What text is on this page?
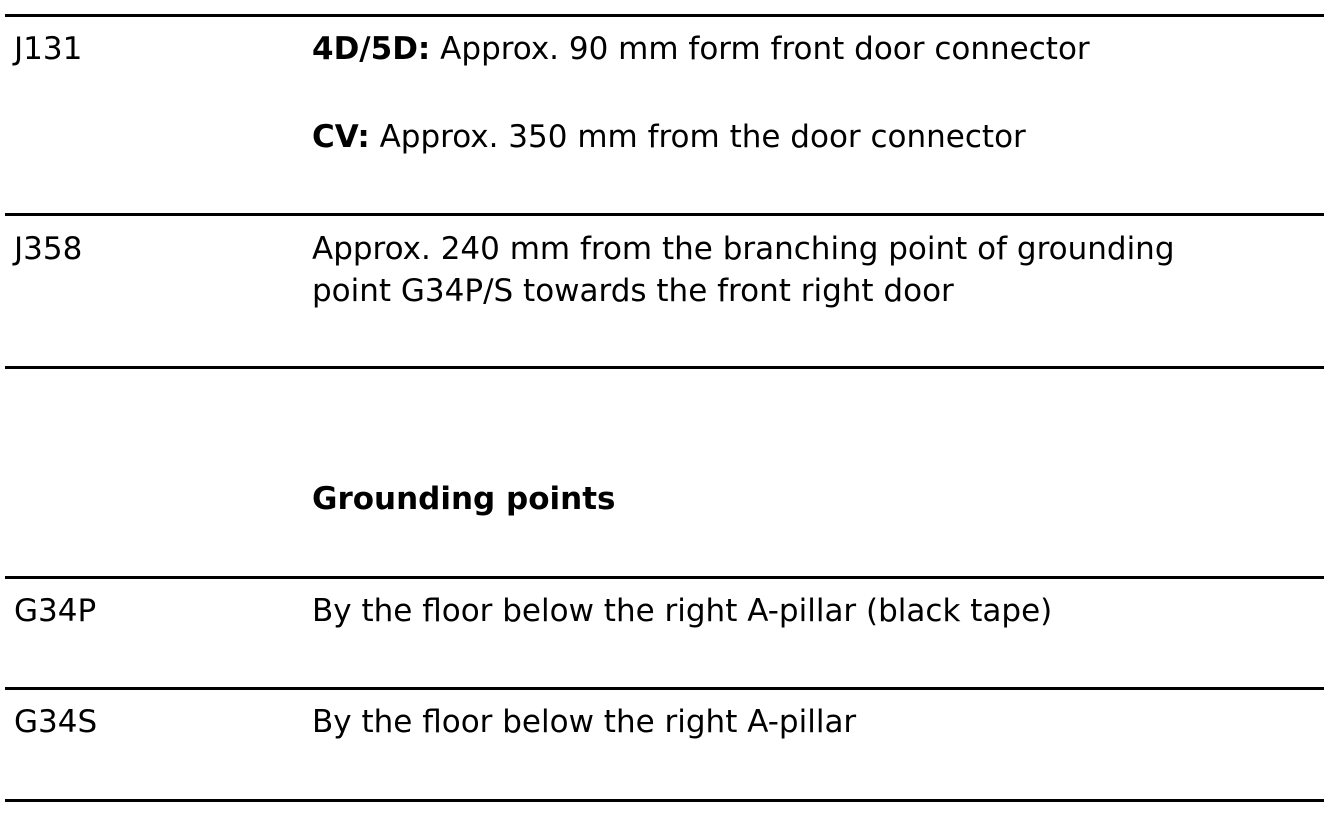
J131	4D/5D: Approx. 90 mm form front door connector
CV: Approx. 350 mm from the door connector
J358	Approx. 240 mm from the branching point of grounding
point G34P/S towards the front right door
Grounding points
G34P	By the floor below the right A-pillar (black tape)
G34S	By the floor below the right A-pillar
